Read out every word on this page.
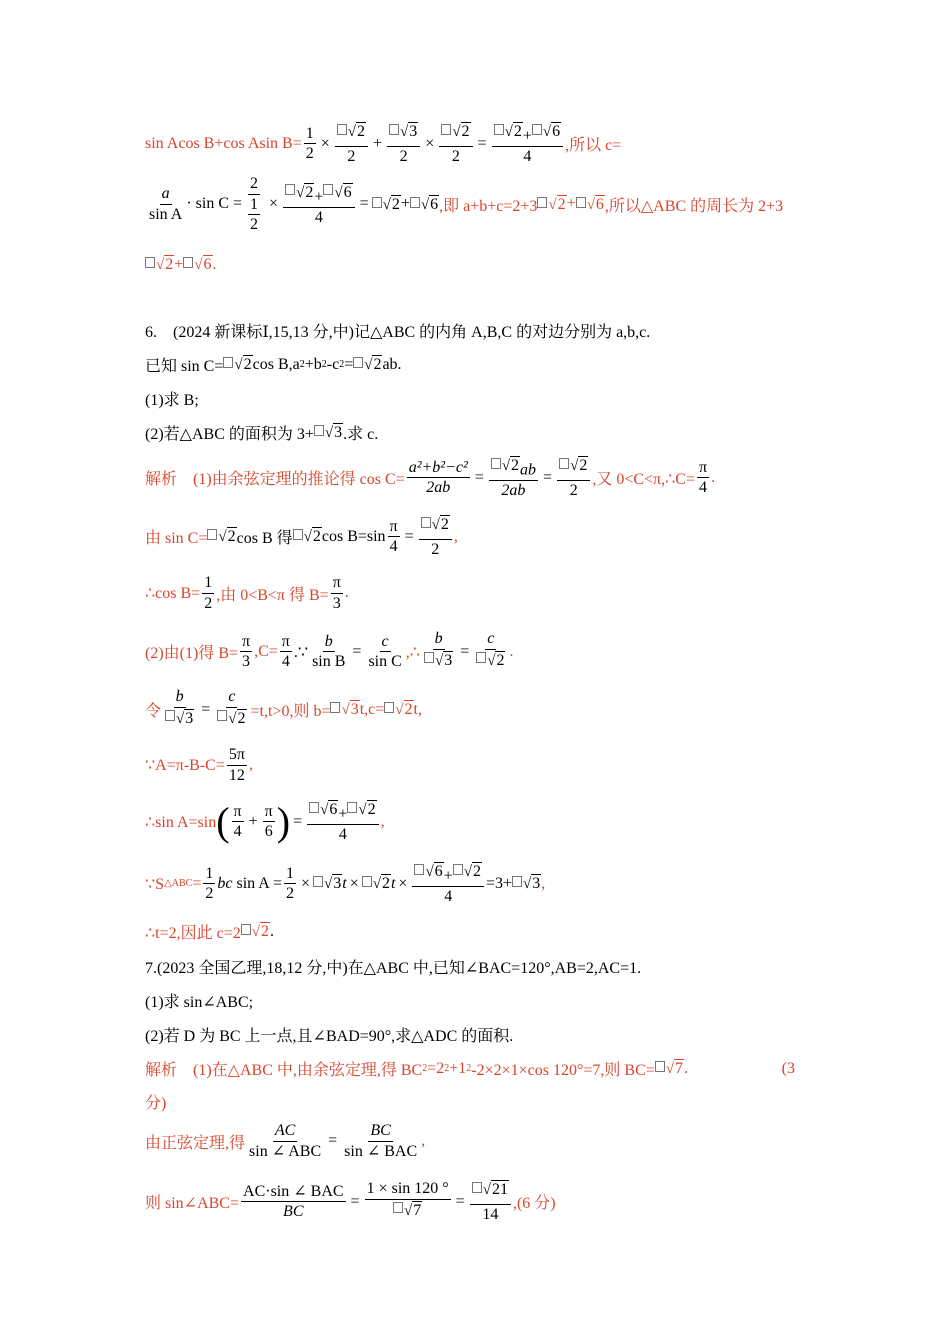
sin A cos B+cos A $\sin B= \frac{1}{2} \times \frac{√ 2}{2} + \frac{√ 3}{2} \times \frac{√ 2}{2} = \frac{√ 2 + √ 6}{4}$ ,所以 c=
$\frac{a}{\text{sin A}} \cdot \sin C = \frac{2}{\frac{1}{2}} \times \frac{√ 2 + √ 6}{4}$ = √ 2 + √ 6 ,即 a+b+c=2+3 √ 2 + √ 6 ,所以△ABC 的周长为 2+3
√ 2 + √ 6 .
6. (2024 新课标Ⅰ,15,13 分,中)记△ABC 的内角 A,B,C 的对边分别为 a,b,c.
已知 sin C= √ 2 cos B,a 2 +b 2 -c 2 = √ 2 ab.
(1)求 B;
(2)若△ABC 的面积为 3+ √ 3 .求 c.
解析 (1)由余弦定理的推论得 $\cos C= \frac{\text{a²+b²−c²}}{2ab} = \frac{√ 2 ab}{2ab} = \frac{√ 2}{2}$ ,又 0<C<π,∴C= $\frac{\pi}{4}$ .
由 sin C= √ 2 cos B 得 √ 2 $\cos B=\sin \frac{\pi}{4} = \frac{√ 2}{2}$ ,
∴cos $B= \frac{1}{2}$ ,由 0<B<π 得 $B= \frac{\pi}{3}$ .
(2)由(1)得 $B= \frac{\pi}{3} ,C= \frac{\pi}{4}$ .∵ $\frac{b}{\text{sin B}} = \frac{c}{\text{sin C}}$ ,∴ $\frac{b}{√ 3} = \frac{c}{√ 2}$ .
令 $\frac{b}{√ 3} = \frac{c}{√ 2} =t,t>0$,则 b= √ 3 t,c= √ 2 t,
∵A=π-B-C= $\frac{5\pi}{12}$ ,
∴sin A=sin ( $\frac{\pi}{4} + \frac{\pi}{6}$ ) = $\frac{√ 6 + √ 2}{4}$ ,
∵S △ABC = $\frac{1}{2}$ bc
$\sin A = \frac{1}{2}$ × √ 3 t × √ 2 $t \times \frac{√ 6 + √ 2}{4} =3+$ √ 3 ,
∴t=2,因此 c=2 √ 2 .
7.(2023 全国乙理,18,12 分,中)在△ABC 中,已知∠BAC=120°,AB=2,AC=1.
(1)求 sin∠ABC;
(2)若 D 为 BC 上一点,且∠BAD=90°,求△ADC 的面积.
解析 (1)在△ABC 中,由余弦定理,得 BC 2 =2 2 +1 2 -2×2×1×cos 120°=7,则 BC= √ 7 .	(3
分)
由正弦定理,得 $\frac{AC}{\text{sin ∠ ABC}} = \frac{BC}{\text{sin ∠ BAC}}$ ,
则 sin∠ABC= $\frac{\text{AC·sin ∠ BAC}}{BC} = \frac{1 \times \sin 120 ^\circ}{√ 7} = \frac{√ 21}{14} ,(6$ 分)
